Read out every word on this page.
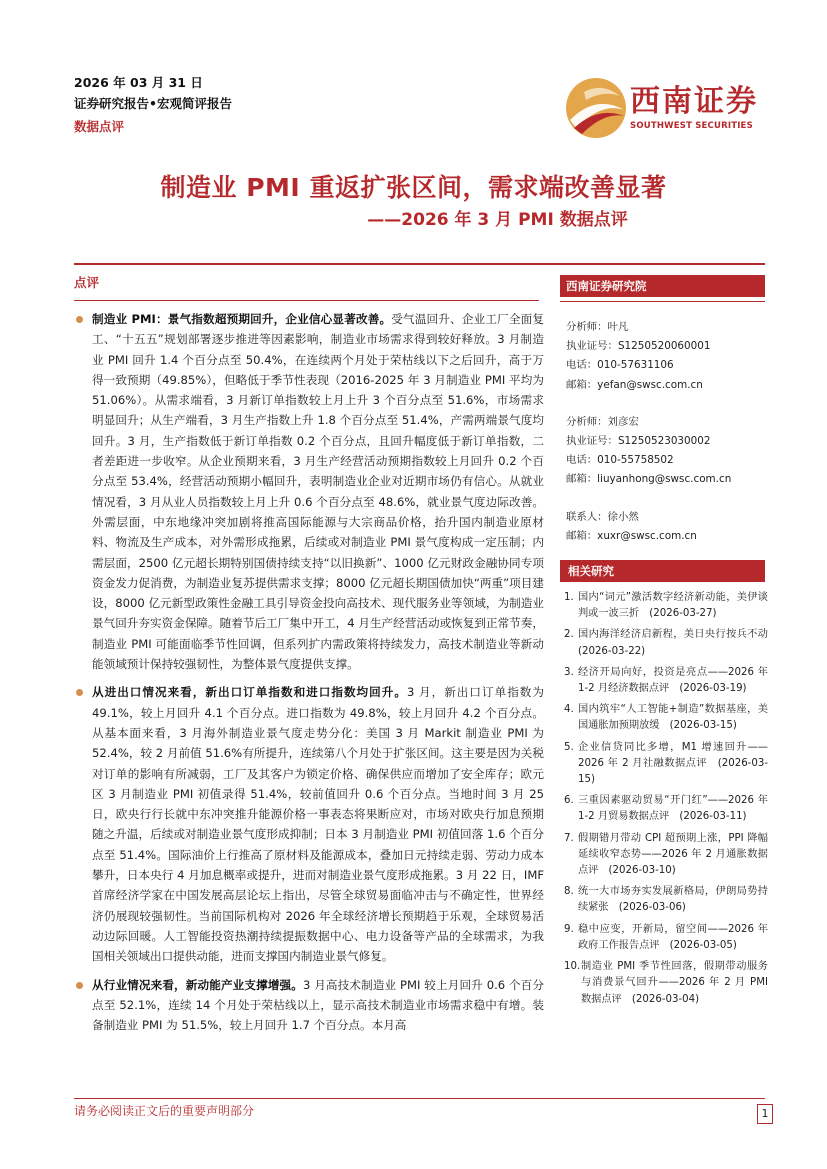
2026 年 03 月 31 日
证券研究报告•宏观简评报告
数据点评
西南证券
SOUTHWEST SECURITIES
制造业 PMI 重返扩张区间，需求端改善显著
——2026 年 3 月 PMI 数据点评
点评
制造业 PMI：景气指数超预期回升，企业信心显著改善。受气温回升、企业工厂全面复工、“十五五”规划部署逐步推进等因素影响，制造业市场需求得到较好释放。3 月制造业 PMI 回升 1.4 个百分点至 50.4%，在连续两个月处于荣枯线以下之后回升，高于万得一致预期（49.85%），但略低于季节性表现（2016-2025 年 3 月制造业 PMI 平均为 51.06%）。从需求端看，3 月新订单指数较上月上升 3 个百分点至 51.6%，市场需求明显回升；从生产端看，3 月生产指数上升 1.8 个百分点至 51.4%，产需两端景气度均回升。3 月，生产指数低于新订单指数 0.2 个百分点，且回升幅度低于新订单指数，二者差距进一步收窄。从企业预期来看，3 月生产经营活动预期指数较上月回升 0.2 个百分点至 53.4%，经营活动预期小幅回升，表明制造业企业对近期市场仍有信心。从就业情况看，3 月从业人员指数较上月上升 0.6 个百分点至 48.6%，就业景气度边际改善。外需层面，中东地缘冲突加剧将推高国际能源与大宗商品价格，抬升国内制造业原材料、物流及生产成本，对外需形成拖累，后续或对制造业 PMI 景气度构成一定压制；内需层面，2500 亿元超长期特别国债持续支持“以旧换新”、1000 亿元财政金融协同专项资金发力促消费，为制造业复苏提供需求支撑；8000 亿元超长期国债加快“两重”项目建设，8000 亿元新型政策性金融工具引导资金投向高技术、现代服务业等领域，为制造业景气回升夯实资金保障。随着节后工厂集中开工，4 月生产经营活动或恢复到正常节奏，制造业 PMI 可能面临季节性回调，但系列扩内需政策将持续发力，高技术制造业等新动能领域预计保持较强韧性，为整体景气度提供支撑。
从进出口情况来看，新出口订单指数和进口指数均回升。3 月，新出口订单指数为 49.1%，较上月回升 4.1 个百分点。进口指数为 49.8%，较上月回升 4.2 个百分点。从基本面来看，3 月海外制造业景气度走势分化：美国 3 月 Markit 制造业 PMI 为 52.4%，较 2 月前值 51.6%有所提升，连续第八个月处于扩张区间。这主要是因为关税对订单的影响有所减弱，工厂及其客户为锁定价格、确保供应而增加了安全库存；欧元区 3 月制造业 PMI 初值录得 51.4%，较前值回升 0.6 个百分点。当地时间 3 月 25 日，欧央行行长就中东冲突推升能源价格一事表态将果断应对，市场对欧央行加息预期随之升温，后续或对制造业景气度形成抑制；日本 3 月制造业 PMI 初值回落 1.6 个百分点至 51.4%。国际油价上行推高了原材料及能源成本，叠加日元持续走弱、劳动力成本攀升，日本央行 4 月加息概率或提升，进而对制造业景气度形成拖累。3 月 22 日，IMF 首席经济学家在中国发展高层论坛上指出，尽管全球贸易面临冲击与不确定性，世界经济仍展现较强韧性。当前国际机构对 2026 年全球经济增长预期趋于乐观，全球贸易活动边际回暖。人工智能投资热潮持续提振数据中心、电力设备等产品的全球需求，为我国相关领域出口提供动能，进而支撑国内制造业景气修复。
从行业情况来看，新动能产业支撑增强。3 月高技术制造业 PMI 较上月回升 0.6 个百分点至 52.1%，连续 14 个月处于荣枯线以上，显示高技术制造业市场需求稳中有增。装备制造业 PMI 为 51.5%，较上月回升 1.7 个百分点。本月高
西南证券研究院
分析师：叶凡
执业证号：S1250520060001
电话：010-57631106
邮箱：yefan@swsc.com.cn
分析师：刘彦宏
执业证号：S1250523030002
电话：010-55758502
邮箱：liuyanhong@swsc.com.cn
联系人：徐小然
邮箱：xuxr@swsc.com.cn
相关研究
1. 国内“词元”激活数字经济新动能，美伊谈判或一波三折　(2026-03-27)
2. 国内海洋经济启新程，美日央行按兵不动　(2026-03-22)
3. 经济开局向好，投资是亮点——2026 年 1-2 月经济数据点评　(2026-03-19)
4. 国内筑牢“人工智能+制造”数据基座，美国通胀加预期放缓　(2026-03-15)
5. 企业信贷同比多增，M1 增速回升——2026 年 2 月社融数据点评　(2026-03-15)
6. 三重因素驱动贸易“开门红”——2026 年 1-2 月贸易数据点评　(2026-03-11)
7. 假期错月带动 CPI 超预期上涨，PPI 降幅延续收窄态势——2026 年 2 月通胀数据点评　(2026-03-10)
8. 统一大市场夯实发展新格局，伊朗局势持续紧张　(2026-03-06)
9. 稳中应变，开新局，留空间——2026 年政府工作报告点评　(2026-03-05)
10. 制造业 PMI 季节性回落，假期带动服务与消费景气回升——2026 年 2 月 PMI 数据点评　(2026-03-04)
请务必阅读正文后的重要声明部分	1
